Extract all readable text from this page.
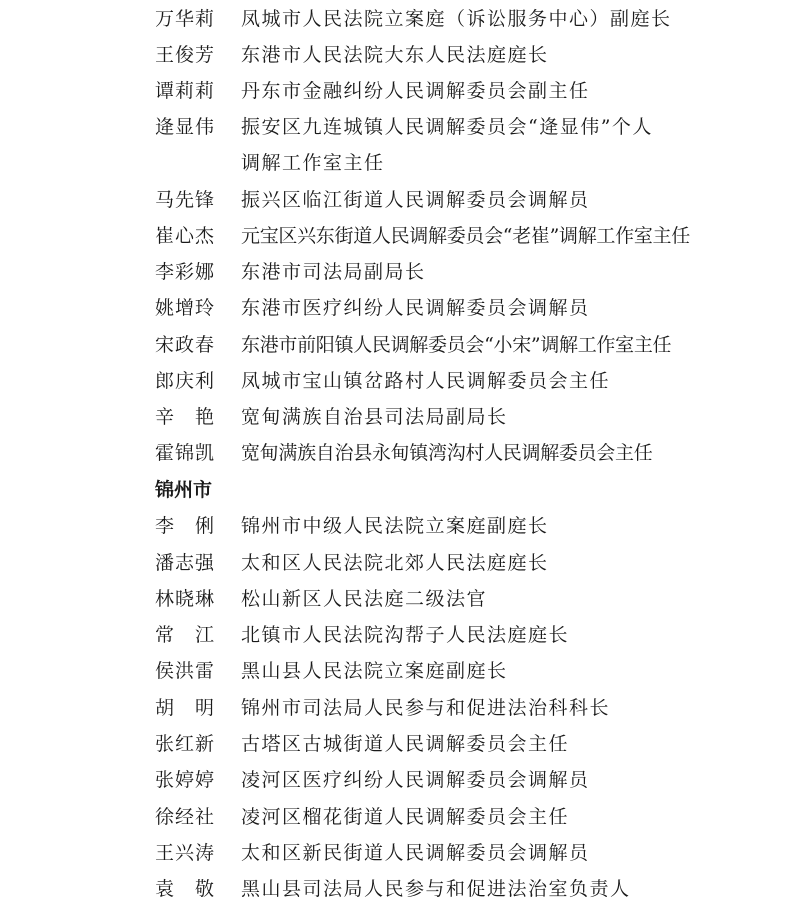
万华莉	凤城市人民法院立案庭（诉讼服务中心）副庭长
王俊芳	东港市人民法院大东人民法庭庭长
谭莉莉	丹东市金融纠纷人民调解委员会副主任
逄显伟	振安区九连城镇人民调解委员会“逄显伟”个人
调解工作室主任
马先锋	振兴区临江街道人民调解委员会调解员
崔心杰	元宝区兴东街道人民调解委员会“老崔”调解工作室主任
李彩娜	东港市司法局副局长
姚增玲	东港市医疗纠纷人民调解委员会调解员
宋政春	东港市前阳镇人民调解委员会“小宋”调解工作室主任
郎庆利	凤城市宝山镇岔路村人民调解委员会主任
辛　艳	宽甸满族自治县司法局副局长
霍锦凯	宽甸满族自治县永甸镇湾沟村人民调解委员会主任
锦州市
李　俐	锦州市中级人民法院立案庭副庭长
潘志强	太和区人民法院北郊人民法庭庭长
林晓琳	松山新区人民法庭二级法官
常　江	北镇市人民法院沟帮子人民法庭庭长
侯洪雷	黑山县人民法院立案庭副庭长
胡　明	锦州市司法局人民参与和促进法治科科长
张红新	古塔区古城街道人民调解委员会主任
张婷婷	凌河区医疗纠纷人民调解委员会调解员
徐经社	凌河区榴花街道人民调解委员会主任
王兴涛	太和区新民街道人民调解委员会调解员
袁　敬	黑山县司法局人民参与和促进法治室负责人
